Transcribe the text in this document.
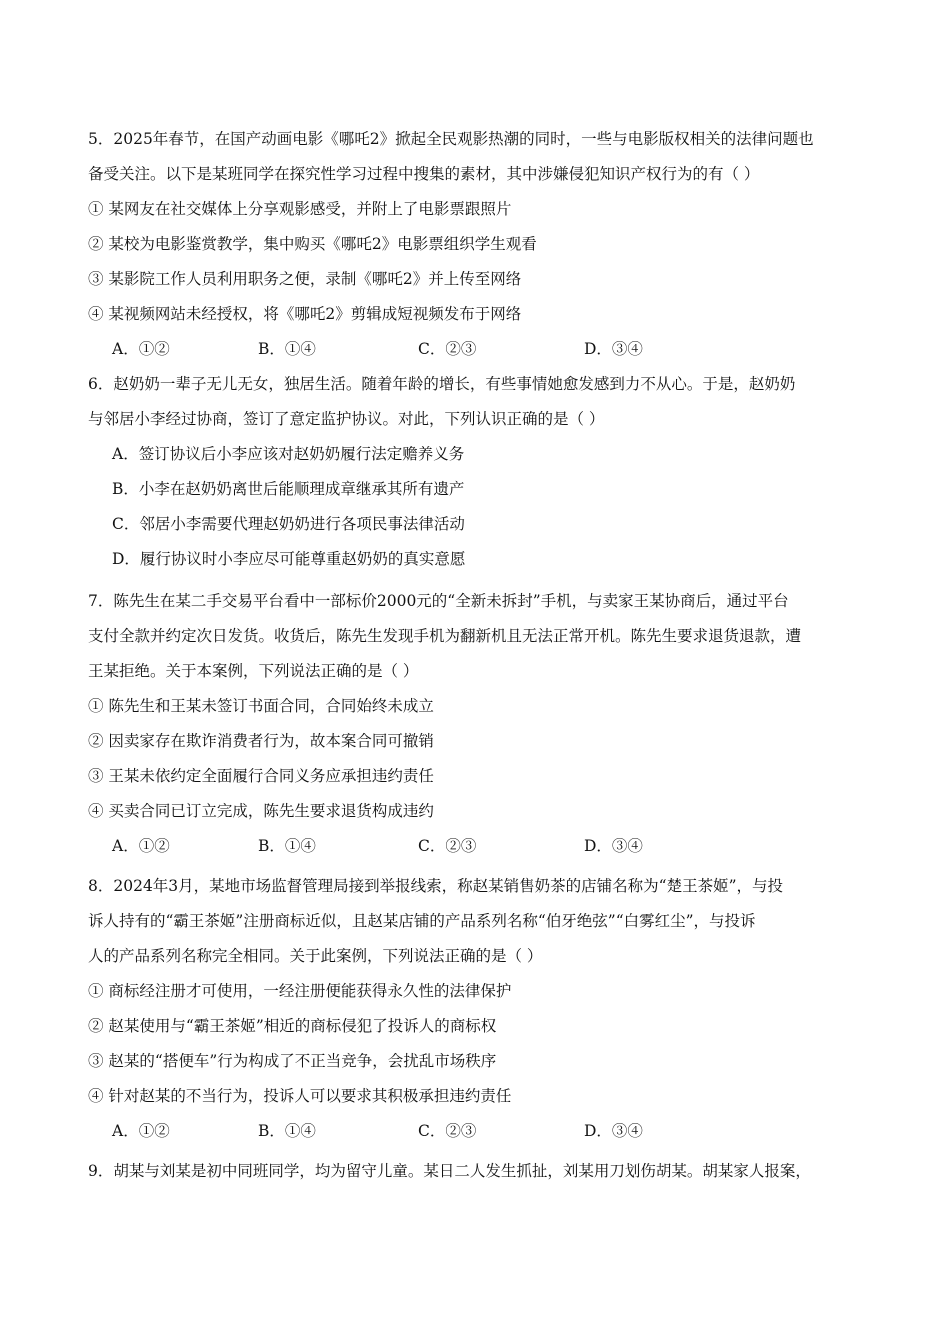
5．2025年春节，在国产动画电影《哪吒2》掀起全民观影热潮的同时，一些与电影版权相关的法律问题也
备受关注。以下是某班同学在探究性学习过程中搜集的素材，其中涉嫌侵犯知识产权行为的有（ ）
① 某网友在社交媒体上分享观影感受，并附上了电影票跟照片
② 某校为电影鉴赏教学，集中购买《哪吒2》电影票组织学生观看
③ 某影院工作人员利用职务之便，录制《哪吒2》并上传至网络
④ 某视频网站未经授权，将《哪吒2》剪辑成短视频发布于网络
A．①②	B．①④	C．②③	D．③④
6．赵奶奶一辈子无儿无女，独居生活。随着年龄的增长，有些事情她愈发感到力不从心。于是，赵奶奶
与邻居小李经过协商，签订了意定监护协议。对此，下列认识正确的是（ ）
A．签订协议后小李应该对赵奶奶履行法定赡养义务
B．小李在赵奶奶离世后能顺理成章继承其所有遗产
C．邻居小李需要代理赵奶奶进行各项民事法律活动
D．履行协议时小李应尽可能尊重赵奶奶的真实意愿
7．陈先生在某二手交易平台看中一部标价2000元的“全新未拆封”手机，与卖家王某协商后，通过平台
支付全款并约定次日发货。收货后，陈先生发现手机为翻新机且无法正常开机。陈先生要求退货退款，遭
王某拒绝。关于本案例，下列说法正确的是（ ）
① 陈先生和王某未签订书面合同，合同始终未成立
② 因卖家存在欺诈消费者行为，故本案合同可撤销
③ 王某未依约定全面履行合同义务应承担违约责任
④ 买卖合同已订立完成，陈先生要求退货构成违约
A．①②	B．①④	C．②③	D．③④
8．2024年3月，某地市场监督管理局接到举报线索，称赵某销售奶茶的店铺名称为“楚王茶姬”，与投
诉人持有的“霸王茶姬”注册商标近似，且赵某店铺的产品系列名称“伯牙绝弦”“白雾红尘”，与投诉
人的产品系列名称完全相同。关于此案例，下列说法正确的是（ ）
① 商标经注册才可使用，一经注册便能获得永久性的法律保护
② 赵某使用与“霸王茶姬”相近的商标侵犯了投诉人的商标权
③ 赵某的“搭便车”行为构成了不正当竞争，会扰乱市场秩序
④ 针对赵某的不当行为，投诉人可以要求其积极承担违约责任
A．①②	B．①④	C．②③	D．③④
9．胡某与刘某是初中同班同学，均为留守儿童。某日二人发生抓扯，刘某用刀划伤胡某。胡某家人报案，
